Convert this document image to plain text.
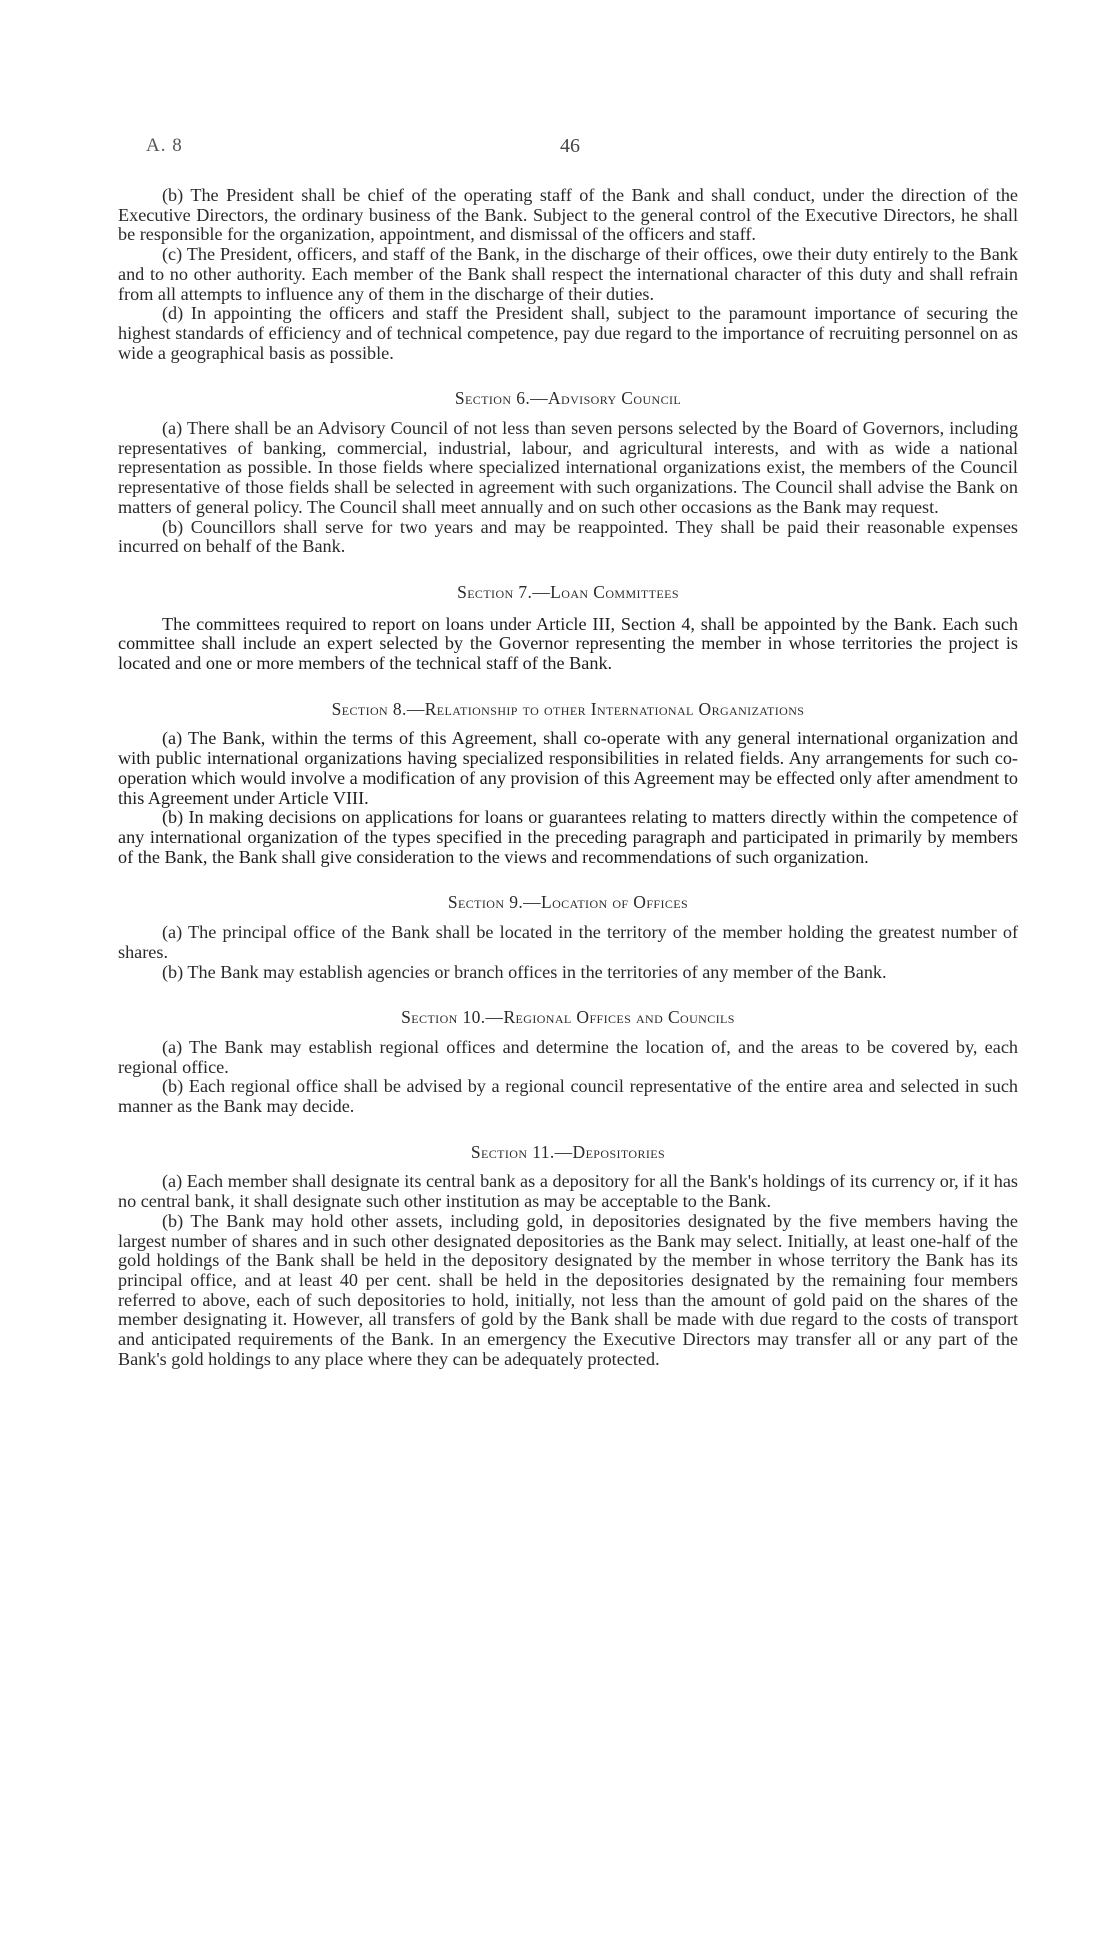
A. 8	46

(b) The President shall be chief of the operating staff of the Bank and shall conduct, under the direction of the Executive Directors, the ordinary business of the Bank. Subject to the general control of the Executive Directors, he shall be responsible for the organization, appointment, and dismissal of the officers and staff.

(c) The President, officers, and staff of the Bank, in the discharge of their offices, owe their duty entirely to the Bank and to no other authority. Each member of the Bank shall respect the international character of this duty and shall refrain from all attempts to influence any of them in the discharge of their duties.

(d) In appointing the officers and staff the President shall, subject to the paramount importance of securing the highest standards of efficiency and of technical competence, pay due regard to the importance of recruiting personnel on as wide a geographical basis as possible.

Section 6.—Advisory Council

(a) There shall be an Advisory Council of not less than seven persons selected by the Board of Governors, including representatives of banking, commercial, industrial, labour, and agricultural interests, and with as wide a national representation as possible. In those fields where specialized international organizations exist, the members of the Council representative of those fields shall be selected in agreement with such organizations. The Council shall advise the Bank on matters of general policy. The Council shall meet annually and on such other occasions as the Bank may request.

(b) Councillors shall serve for two years and may be reappointed. They shall be paid their reasonable expenses incurred on behalf of the Bank.

Section 7.—Loan Committees

The committees required to report on loans under Article III, Section 4, shall be appointed by the Bank. Each such committee shall include an expert selected by the Governor representing the member in whose territories the project is located and one or more members of the technical staff of the Bank.

Section 8.—Relationship to other International Organizations

(a) The Bank, within the terms of this Agreement, shall co-operate with any general international organization and with public international organizations having specialized responsibilities in related fields. Any arrangements for such co-operation which would involve a modification of any provision of this Agreement may be effected only after amendment to this Agreement under Article VIII.

(b) In making decisions on applications for loans or guarantees relating to matters directly within the competence of any international organization of the types specified in the preceding paragraph and participated in primarily by members of the Bank, the Bank shall give consideration to the views and recommendations of such organization.

Section 9.—Location of Offices

(a) The principal office of the Bank shall be located in the territory of the member holding the greatest number of shares.

(b) The Bank may establish agencies or branch offices in the territories of any member of the Bank.

Section 10.—Regional Offices and Councils

(a) The Bank may establish regional offices and determine the location of, and the areas to be covered by, each regional office.

(b) Each regional office shall be advised by a regional council representative of the entire area and selected in such manner as the Bank may decide.

Section 11.—Depositories

(a) Each member shall designate its central bank as a depository for all the Bank's holdings of its currency or, if it has no central bank, it shall designate such other institution as may be acceptable to the Bank.

(b) The Bank may hold other assets, including gold, in depositories designated by the five members having the largest number of shares and in such other designated depositories as the Bank may select. Initially, at least one-half of the gold holdings of the Bank shall be held in the depository designated by the member in whose territory the Bank has its principal office, and at least 40 per cent. shall be held in the depositories designated by the remaining four members referred to above, each of such depositories to hold, initially, not less than the amount of gold paid on the shares of the member designating it. However, all transfers of gold by the Bank shall be made with due regard to the costs of transport and anticipated requirements of the Bank. In an emergency the Executive Directors may transfer all or any part of the Bank's gold holdings to any place where they can be adequately protected.
